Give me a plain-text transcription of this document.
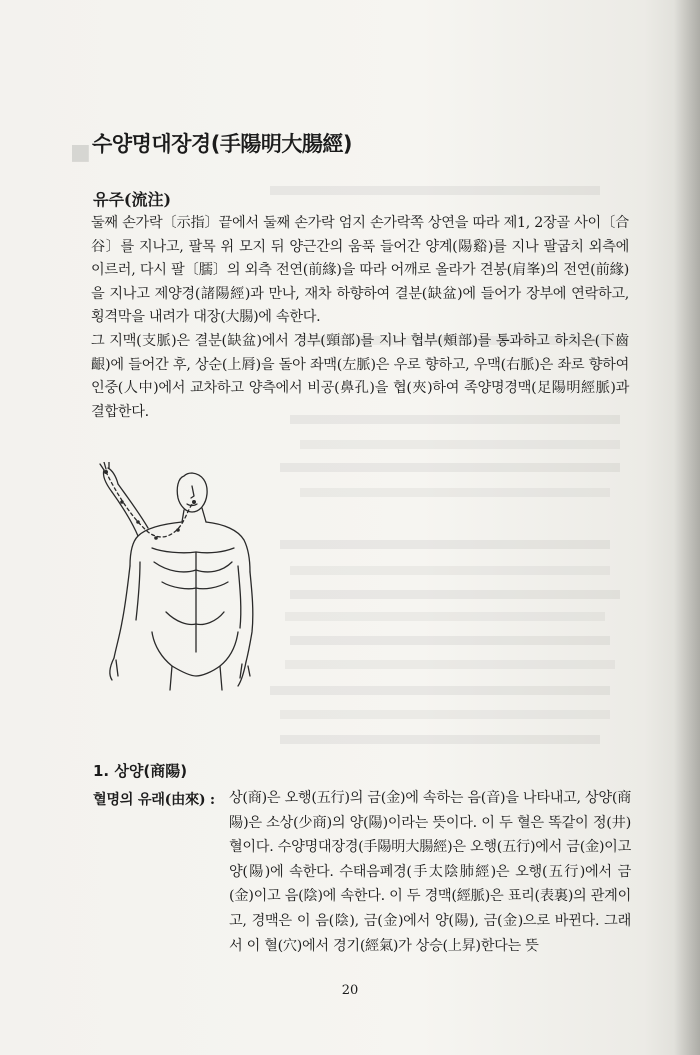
■ 수양명대장경(手陽明大腸經)
유주(流注)

둘째 손가락〔示指〕끝에서 둘째 손가락 엄지 손가락쪽 상연을 따라 제1, 2장골 사이〔合谷〕를 지나고, 팔목 위 모지 뒤 양근간의 움푹 들어간 양계(陽谿)를 지나 팔굽치 외측에 이르러, 다시 팔〔臑〕의 외측 전연(前緣)을 따라 어깨로 올라가 견봉(肩峯)의 전연(前緣)을 지나고 제양경(諸陽經)과 만나, 재차 하향하여 결분(缺盆)에 들어가 장부에 연락하고, 횡격막을 내려가 대장(大腸)에 속한다.

그 지맥(支脈)은 결분(缺盆)에서 경부(頸部)를 지나 협부(頰部)를 통과하고 하치은(下齒齦)에 들어간 후, 상순(上脣)을 돌아 좌맥(左脈)은 우로 향하고, 우맥(右脈)은 좌로 향하여 인중(人中)에서 교차하고 양측에서 비공(鼻孔)을 협(夾)하여 족양명경맥(足陽明經脈)과 결합한다.

1. 상양(商陽)
혈명의 유래(由來) : 상(商)은 오행(五行)의 금(金)에 속하는 음(音)을 나타내고, 상양(商陽)은 소상(少商)의 양(陽)이라는 뜻이다. 이 두 혈은 똑같이 정(井)혈이다. 수양명대장경(手陽明大腸經)은 오행(五行)에서 금(金)이고 양(陽)에 속한다. 수태음폐경(手太陰肺經)은 오행(五行)에서 금(金)이고 음(陰)에 속한다. 이 두 경맥(經脈)은 표리(表裏)의 관계이고, 경맥은 이 음(陰), 금(金)에서 양(陽), 금(金)으로 바뀐다. 그래서 이 혈(穴)에서 경기(經氣)가 상승(上昇)한다는 뜻
20
